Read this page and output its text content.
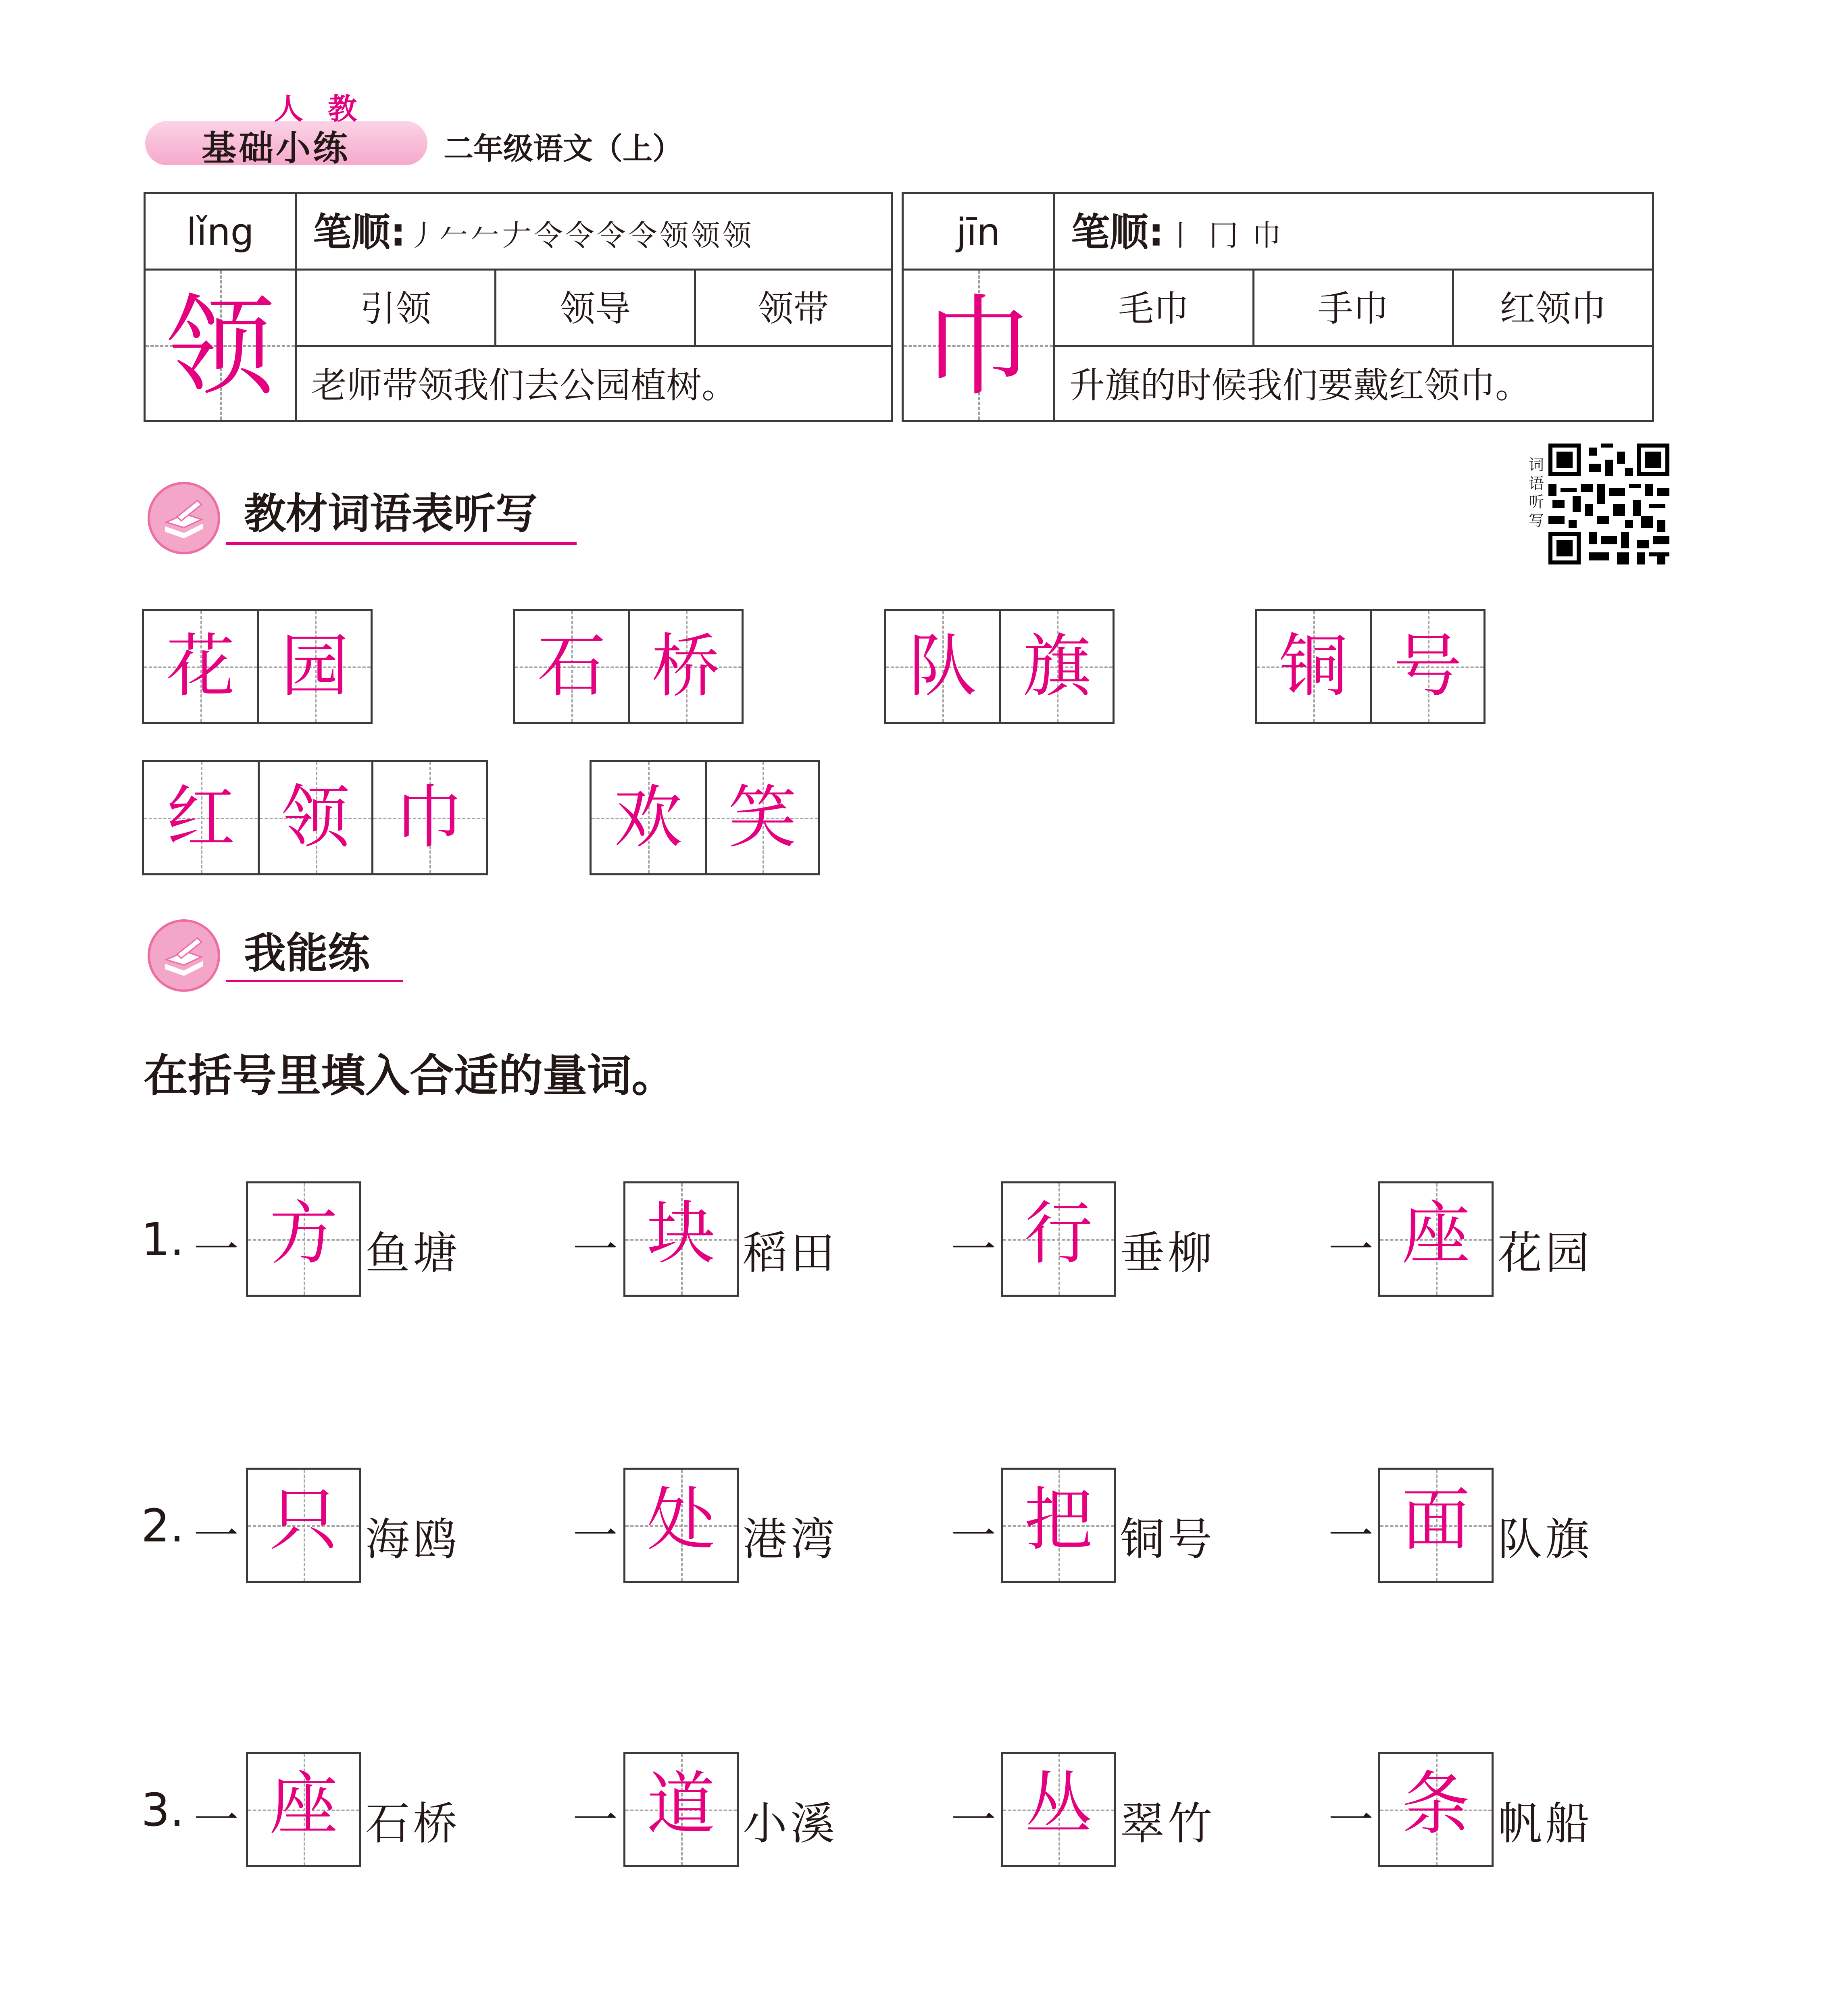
人 教
基础小练	二年级语文（上）
lǐng	笔顺: 丿𠂉𠂉𠂇令令令令领领领
领	引领	领导	领带
老师带领我们去公园植树。
jīn	笔顺: 丨 冂 巾
巾	毛巾	手巾	红领巾
升旗的时候我们要戴红领巾。
词语听写
教材词语表听写
花 园	石 桥	队 旗	铜 号
红 领 巾	欢 笑
我能练
在括号里填入合适的量词。
1. 一 方 鱼塘 一 块 稻田	一 行 垂柳	一 座 花园
2. 一 只 海鸥 一 处 港湾	一 把 铜号	一 面 队旗
3. 一 座 石桥 一 道 小溪	一 丛 翠竹	一 条 帆船
